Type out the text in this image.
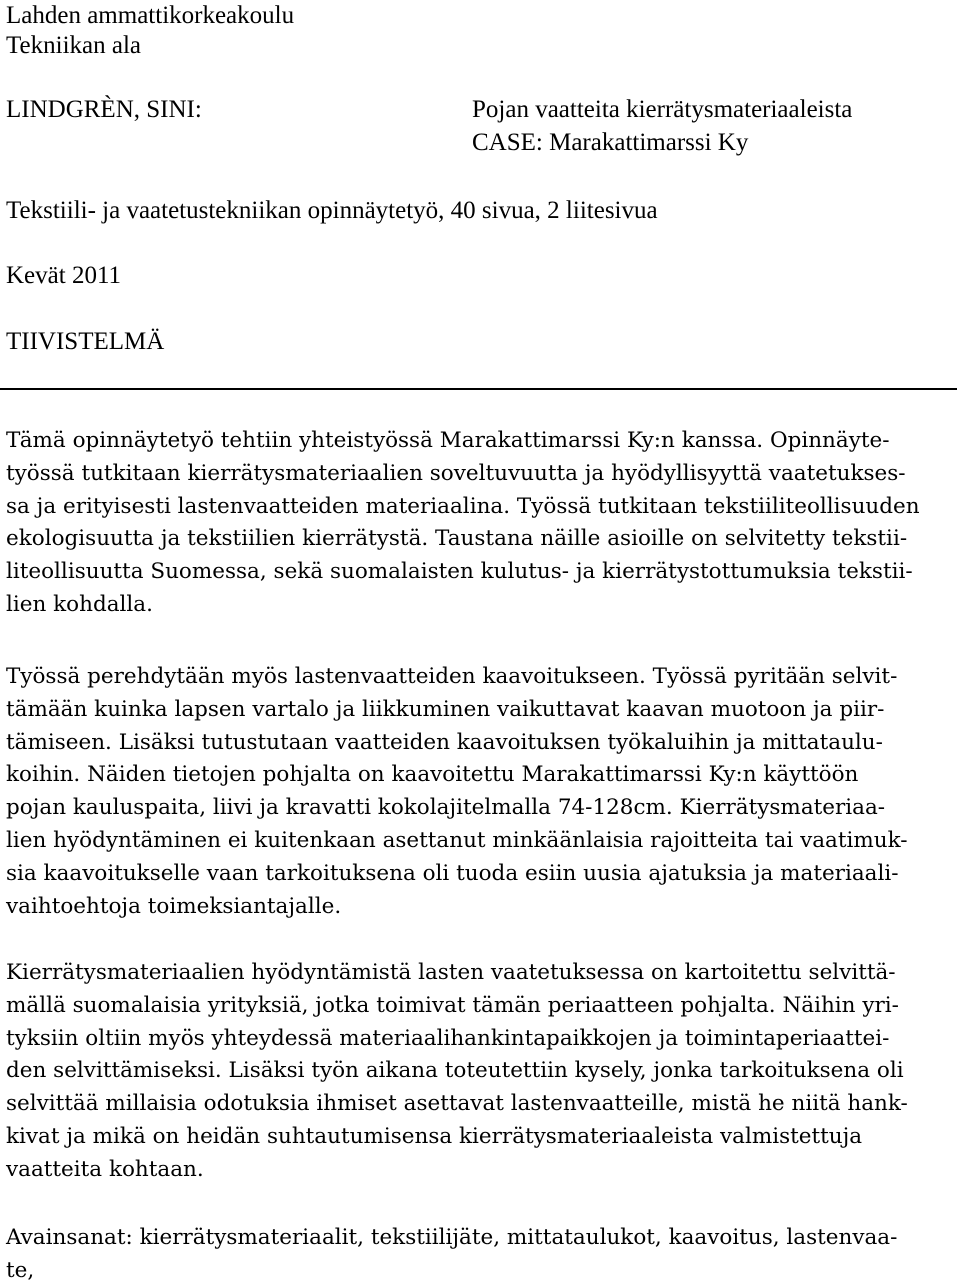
Lahden ammattikorkeakoulu
Tekniikan ala
LINDGRÈN, SINI:	Pojan vaatteita kierrätysmateriaaleista
CASE: Marakattimarssi Ky
Tekstiili- ja vaatetustekniikan opinnäytetyö, 40 sivua, 2 liitesivua
Kevät 2011
TIIVISTELMÄ
Tämä opinnäytetyö tehtiin yhteistyössä Marakattimarssi Ky:n kanssa. Opinnäyte-
työssä tutkitaan kierrätysmateriaalien soveltuvuutta ja hyödyllisyyttä vaatetukses-
sa ja erityisesti lastenvaatteiden materiaalina. Työssä tutkitaan tekstiiliteollisuuden
ekologisuutta ja tekstiilien kierrätystä. Taustana näille asioille on selvitetty tekstii-
liteollisuutta Suomessa, sekä suomalaisten kulutus- ja kierrätystottumuksia tekstii-
lien kohdalla.
Työssä perehdytään myös lastenvaatteiden kaavoitukseen. Työssä pyritään selvit-
tämään kuinka lapsen vartalo ja liikkuminen vaikuttavat kaavan muotoon ja piir-
tämiseen. Lisäksi tutustutaan vaatteiden kaavoituksen työkaluihin ja mittataulu-
koihin. Näiden tietojen pohjalta on kaavoitettu Marakattimarssi Ky:n käyttöön
pojan kauluspaita, liivi ja kravatti kokolajitelmalla 74-128cm. Kierrätysmateriaa-
lien hyödyntäminen ei kuitenkaan asettanut minkäänlaisia rajoitteita tai vaatimuk-
sia kaavoitukselle vaan tarkoituksena oli tuoda esiin uusia ajatuksia ja materiaali-
vaihtoehtoja toimeksiantajalle.
Kierrätysmateriaalien hyödyntämistä lasten vaatetuksessa on kartoitettu selvittä-
mällä suomalaisia yrityksiä, jotka toimivat tämän periaatteen pohjalta. Näihin yri-
tyksiin oltiin myös yhteydessä materiaalihankintapaikkojen ja toimintaperiaattei-
den selvittämiseksi. Lisäksi työn aikana toteutettiin kysely, jonka tarkoituksena oli
selvittää millaisia odotuksia ihmiset asettavat lastenvaatteille, mistä he niitä hank-
kivat ja mikä on heidän suhtautumisensa kierrätysmateriaaleista valmistettuja
vaatteita kohtaan.
Avainsanat: kierrätysmateriaalit, tekstiilijäte, mittataulukot, kaavoitus, lastenvaa-
te,
